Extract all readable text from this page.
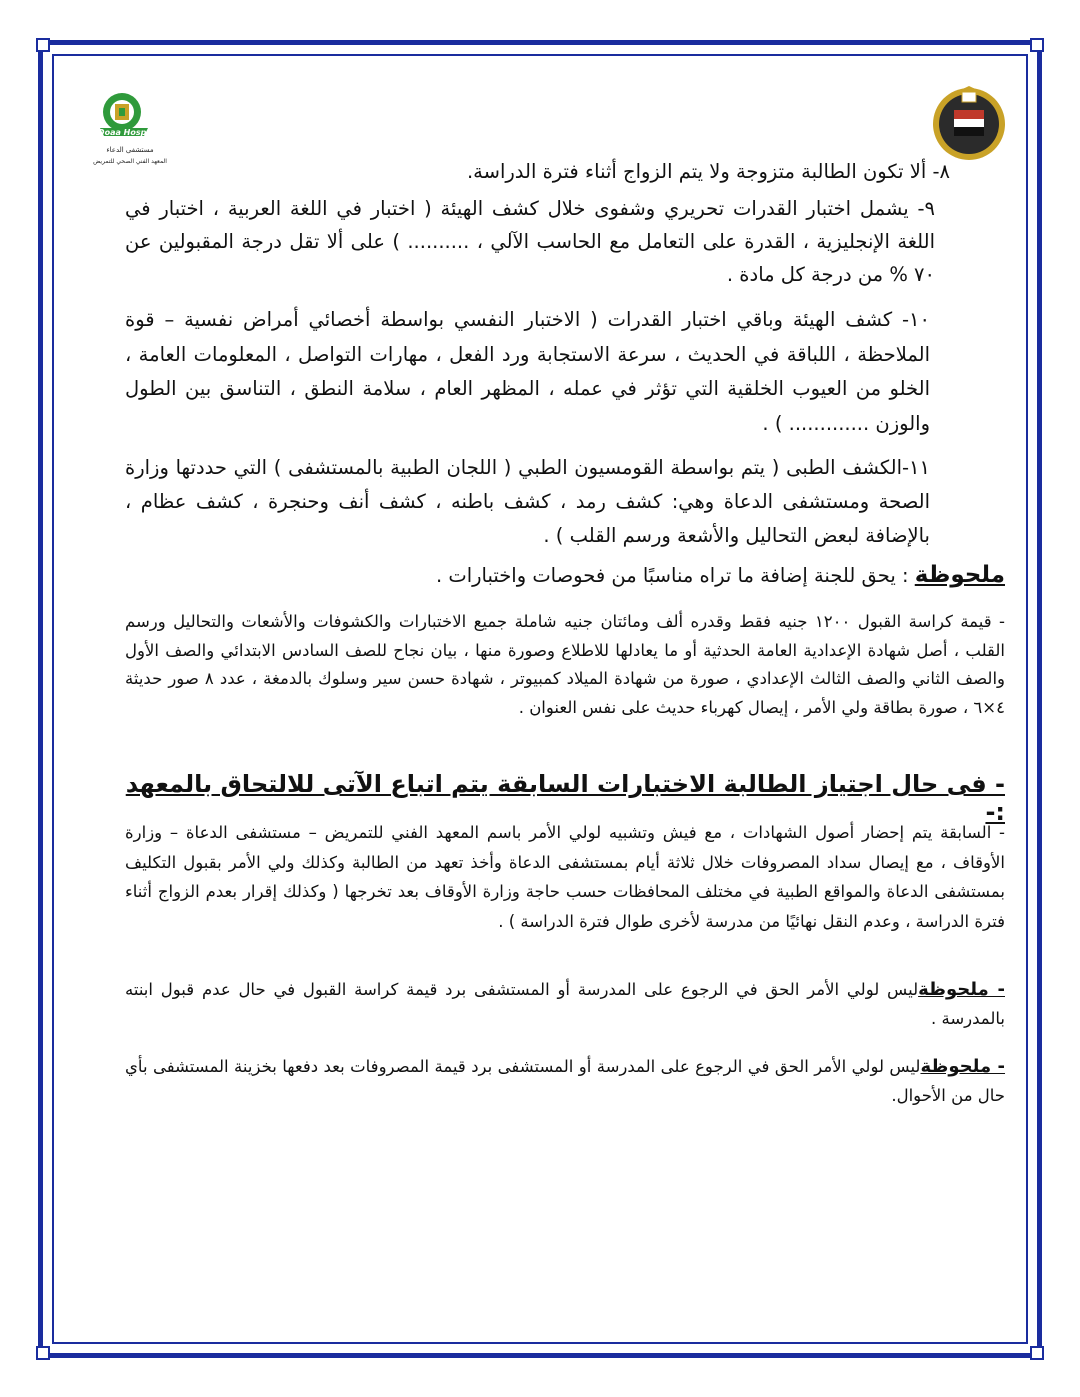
El Doaa Hospital
مستشفى الدعاء
المعهد الفني الصحي للتمريض	٨- ألا تكون الطالبة متزوجة ولا يتم الزواج أثناء فترة الدراسة.

٩- يشمل اختبار القدرات تحريري وشفوى خلال كشف الهيئة ( اختبار في اللغة العربية ، اختبار في اللغة الإنجليزية ، القدرة على التعامل مع الحاسب الآلي ، .......... ) على ألا تقل درجة المقبولين عن ٧٠ % من درجة كل مادة .

١٠- كشف الهيئة وباقي اختبار القدرات ( الاختبار النفسي بواسطة أخصائي أمراض نفسية – قوة الملاحظة ، اللباقة في الحديث ، سرعة الاستجابة ورد الفعل ، مهارات التواصل ، المعلومات العامة ، الخلو من العيوب الخلقية التي تؤثر في عمله ، المظهر العام ، سلامة النطق ، التناسق بين الطول والوزن ............. ) .

١١-الكشف الطبى ( يتم بواسطة القومسيون الطبي ( اللجان الطبية بالمستشفى ) التي حددتها وزارة الصحة ومستشفى الدعاة وهي: كشف رمد ، كشف باطنه ، كشف أنف وحنجرة ، كشف عظام ، بالإضافة لبعض التحاليل والأشعة ورسم القلب ) .

ملحوظة : يحق للجنة إضافة ما تراه مناسبًا من فحوصات واختبارات .

- قيمة كراسة القبول ١٢٠٠ جنيه فقط وقدره ألف ومائتان جنيه شاملة جميع الاختبارات والكشوفات والأشعات والتحاليل ورسم القلب ، أصل شهادة الإعدادية العامة الحدثية أو ما يعادلها للاطلاع وصورة منها ، بيان نجاح للصف السادس الابتدائي والصف الأول والصف الثاني والصف الثالث الإعدادي ، صورة من شهادة الميلاد كمبيوتر ، شهادة حسن سير وسلوك بالدمغة ، عدد ٨ صور حديثة ٤×٦ ، صورة بطاقة ولي الأمر ، إيصال كهرباء حديث على نفس العنوان .

- فى حال اجتياز الطالبة الاختبارات السابقة يتم اتباع الآتى للالتحاق بالمعهد :-

- السابقة يتم إحضار أصول الشهادات ، مع فيش وتشبيه لولي الأمر باسم المعهد الفني للتمريض – مستشفى الدعاة – وزارة الأوقاف ، مع إيصال سداد المصروفات خلال ثلاثة أيام بمستشفى الدعاة وأخذ تعهد من الطالبة وكذلك ولي الأمر بقبول التكليف بمستشفى الدعاة والمواقع الطبية في مختلف المحافظات حسب حاجة وزارة الأوقاف بعد تخرجها ( وكذلك إقرار بعدم الزواج أثناء فترة الدراسة ، وعدم النقل نهائيًا من مدرسة لأخرى طوال فترة الدراسة ) .

- ملحوظةليس لولي الأمر الحق في الرجوع على المدرسة أو المستشفى برد قيمة كراسة القبول في حال عدم قبول ابنته بالمدرسة .

- ملحوظةليس لولي الأمر الحق في الرجوع على المدرسة أو المستشفى برد قيمة المصروفات بعد دفعها بخزينة المستشفى بأي حال من الأحوال.
